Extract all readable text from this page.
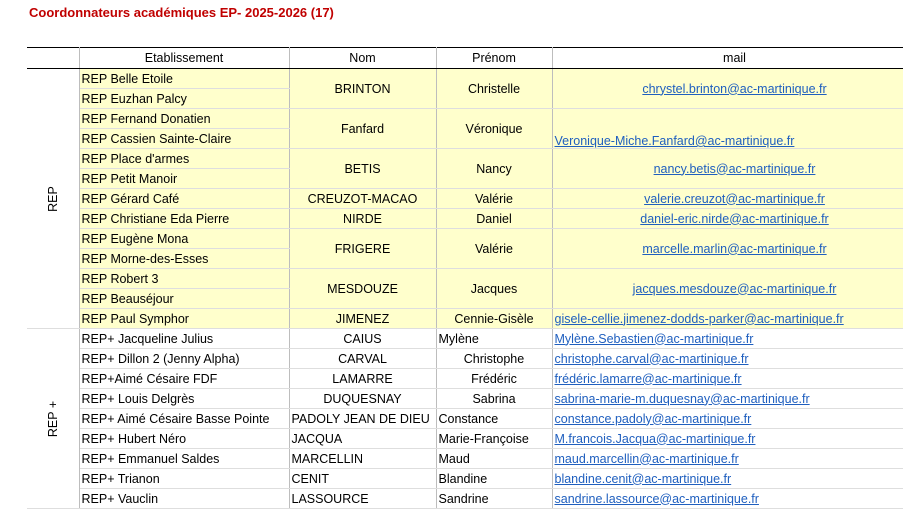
Coordonnateurs académiques EP- 2025-2026 (17)
	Etablissement	Nom	Prénom	mail
REP	REP Belle Etoile	BRINTON	Christelle	chrystel.brinton@ac-martinique.fr
	REP Euzhan Palcy			
	REP Fernand Donatien	Fanfard	Véronique	Veronique-Miche.Fanfard@ac-martinique.fr
	REP Cassien Sainte-Claire			
	REP Place d'armes	BETIS	Nancy	nancy.betis@ac-martinique.fr
	REP Petit Manoir			
	REP Gérard Café	CREUZOT-MACAO	Valérie	valerie.creuzot@ac-martinique.fr
	REP Christiane Eda Pierre	NIRDE	Daniel	daniel-eric.nirde@ac-martinique.fr
	REP Eugène Mona	FRIGERE	Valérie	marcelle.marlin@ac-martinique.fr
	REP Morne-des-Esses			
	REP Robert 3	MESDOUZE	Jacques	jacques.mesdouze@ac-martinique.fr
	REP Beauséjour			
	REP Paul Symphor	JIMENEZ	Cennie-Gisèle	gisele-cellie.jimenez-dodds-parker@ac-martinique.fr
REP +	REP+ Jacqueline Julius	CAIUS	Mylène	Mylène.Sebastien@ac-martinique.fr
	REP+ Dillon 2 (Jenny Alpha)	CARVAL	Christophe	christophe.carval@ac-martinique.fr
	REP+Aimé Césaire FDF	LAMARRE	Frédéric	frédéric.lamarre@ac-martinique.fr
	REP+ Louis Delgrès	DUQUESNAY	Sabrina	sabrina-marie-m.duquesnay@ac-martinique.fr
	REP+ Aimé Césaire Basse Pointe	PADOLY JEAN DE DIEU	Constance	constance.padoly@ac-martinique.fr
	REP+ Hubert Néro	JACQUA	Marie-Françoise	M.francois.Jacqua@ac-martinique.fr
	REP+ Emmanuel Saldes	MARCELLIN	Maud	maud.marcellin@ac-martinique.fr
	REP+ Trianon	CENIT	Blandine	blandine.cenit@ac-martinique.fr
	REP+ Vauclin	LASSOURCE	Sandrine	sandrine.lassource@ac-martinique.fr
